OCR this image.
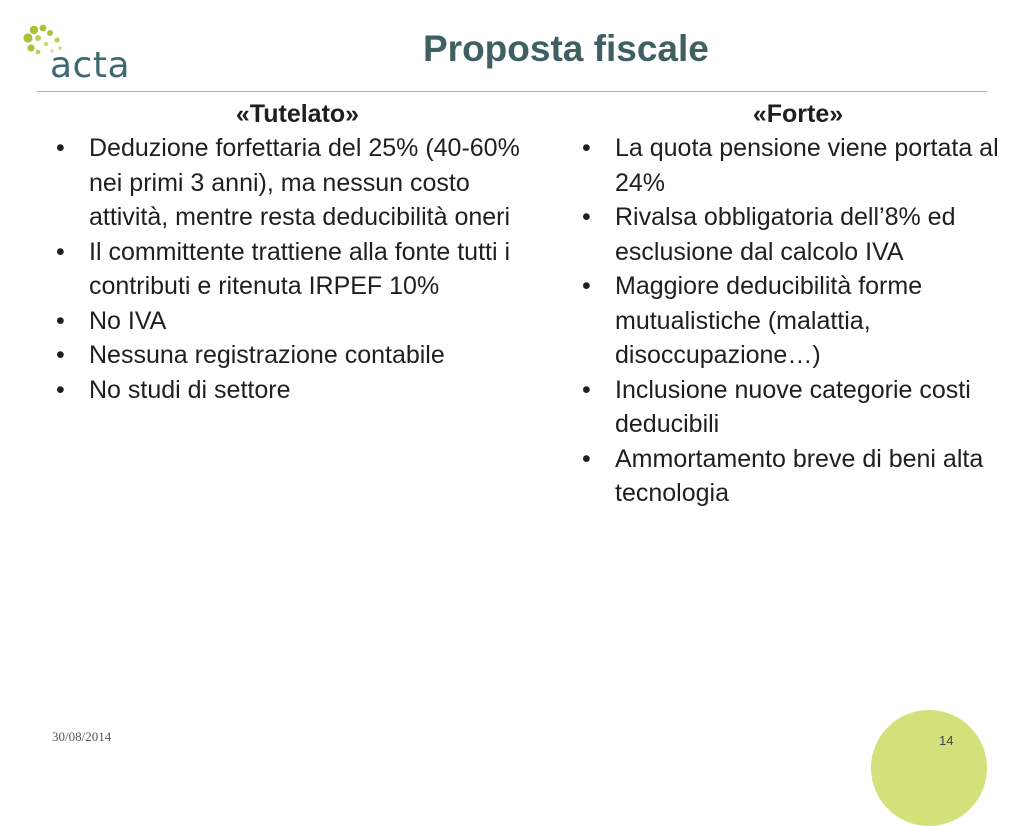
acta	Proposta fiscale
«Tutelato»
• Deduzione forfettaria del 25% (40-60% nei primi 3 anni), ma nessun costo attività, mentre resta deducibilità oneri
• Il committente trattiene alla fonte tutti i contributi e ritenuta IRPEF 10%
• No IVA
• Nessuna registrazione contabile
• No studi di settore
«Forte»
• La quota pensione viene portata al 24%
• Rivalsa obbligatoria dell’8% ed esclusione dal calcolo IVA
• Maggiore deducibilità forme mutualistiche (malattia, disoccupazione…)
• Inclusione nuove categorie costi deducibili
• Ammortamento breve di beni alta tecnologia
30/08/2014	14
